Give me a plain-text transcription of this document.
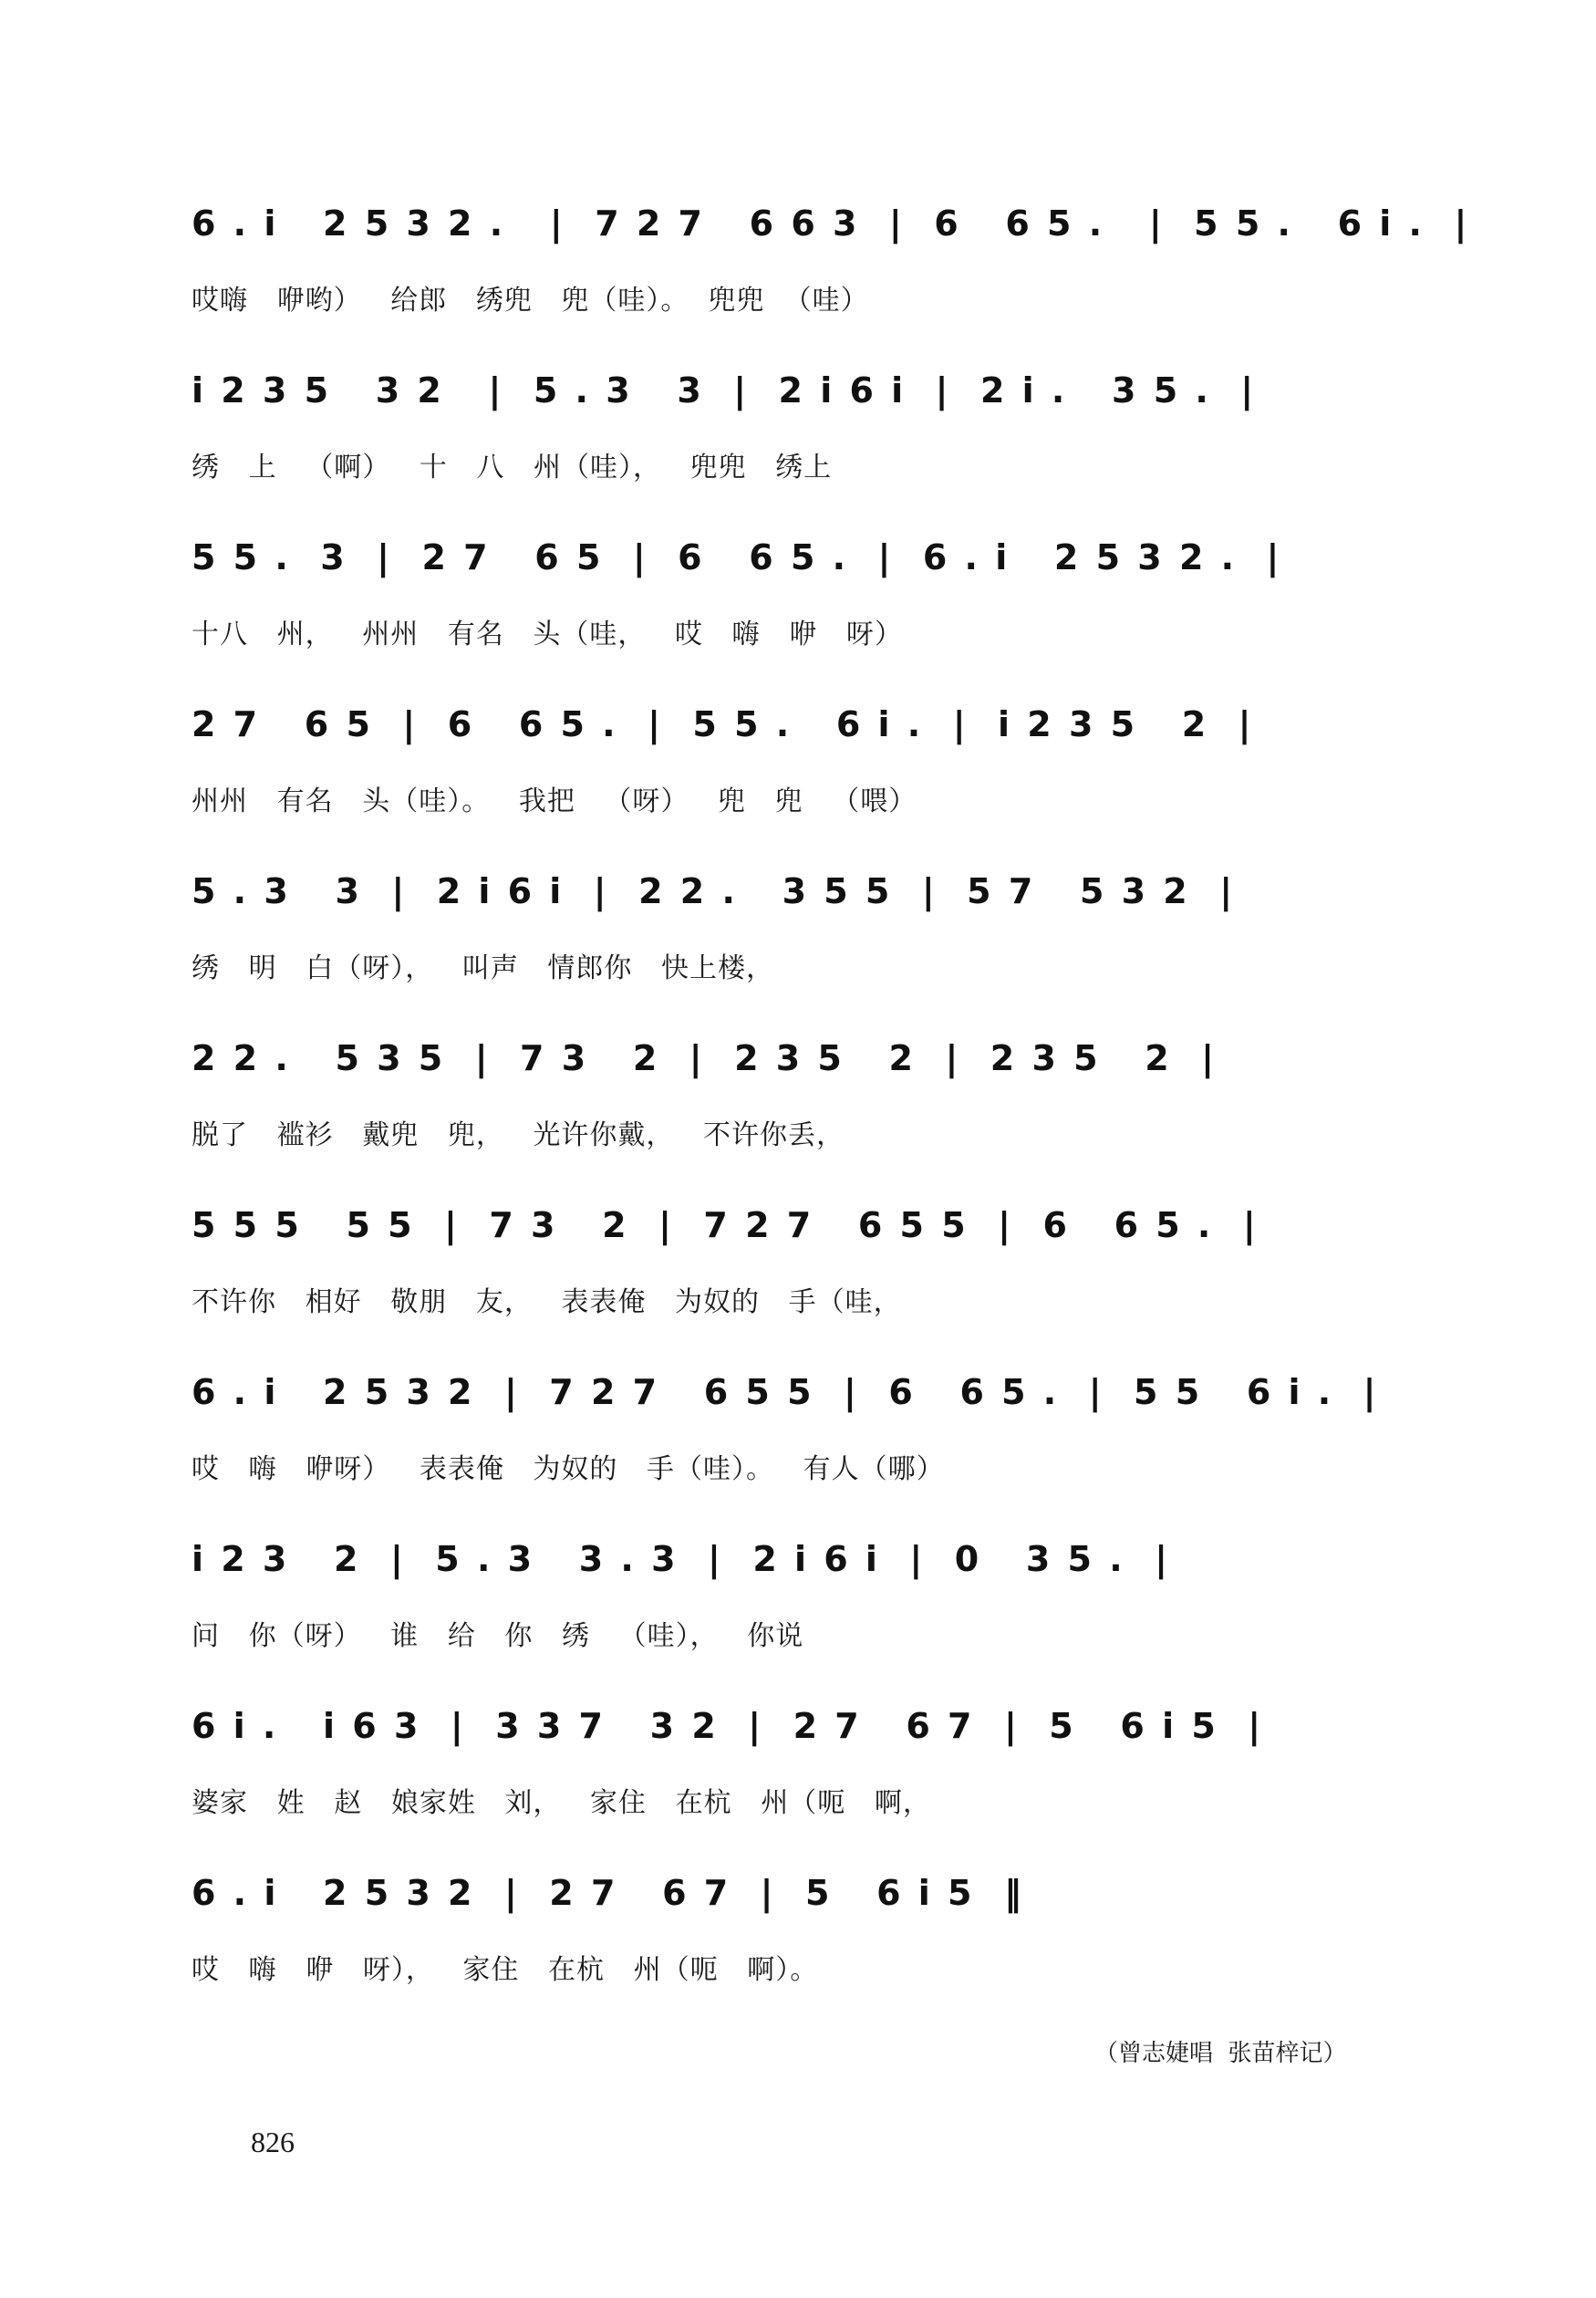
6 . i   2 5 3 2 .   |  7 2 7   6 6 3  |  6   6 5 .   |  5 5 .   6 i .  |
哎嗨   咿哟）   给郎   绣兜   兜（哇）。  兜兜  （哇）
i 2 3 5   3 2   |  5 . 3   3  |  2 i 6 i  |  2 i .   3 5 .  |
绣   上   （啊）   十   八   州（哇），   兜兜   绣上
5 5 .  3  |  2 7   6 5  |  6   6 5 .  |  6 . i   2 5 3 2 .  |
十八   州，   州州   有名   头（哇，   哎   嗨   咿   呀）
2 7   6 5  |  6   6 5 .  |  5 5 .   6 i .  |  i 2 3 5   2  |
州州   有名   头（哇）。   我把   （呀）   兜   兜   （喂）
5 . 3   3  |  2 i 6 i  |  2 2 .   3 5 5  |  5 7   5 3 2  |
绣   明   白（呀），   叫声   情郎你   快上楼，
2 2 .   5 3 5  |  7 3   2  |  2 3 5   2  |  2 3 5   2  |
脱了   褴衫   戴兜   兜，   光许你戴，   不许你丢，
5 5 5   5 5  |  7 3   2  |  7 2 7   6 5 5  |  6   6 5 .  |
不许你   相好   敬朋   友，   表表俺   为奴的   手（哇，
6 . i   2 5 3 2  |  7 2 7   6 5 5  |  6   6 5 .  |  5 5   6 i .  |
哎   嗨   咿呀）   表表俺   为奴的   手（哇）。   有人（哪）
i 2 3   2  |  5 . 3   3 . 3  |  2 i 6 i  |  0   3 5 .  |
问   你（呀）   谁   给   你   绣   （哇），   你说
6 i .   i 6 3  |  3 3 7   3 2  |  2 7   6 7  |  5   6 i 5  |
婆家   姓   赵   娘家姓   刘，   家住   在杭   州（呃   啊，
6 . i   2 5 3 2  |  2 7   6 7  |  5   6 i 5  ‖
哎   嗨   咿   呀），   家住   在杭   州（呃   啊）。
（曾志婕唱  张苗梓记）
826
